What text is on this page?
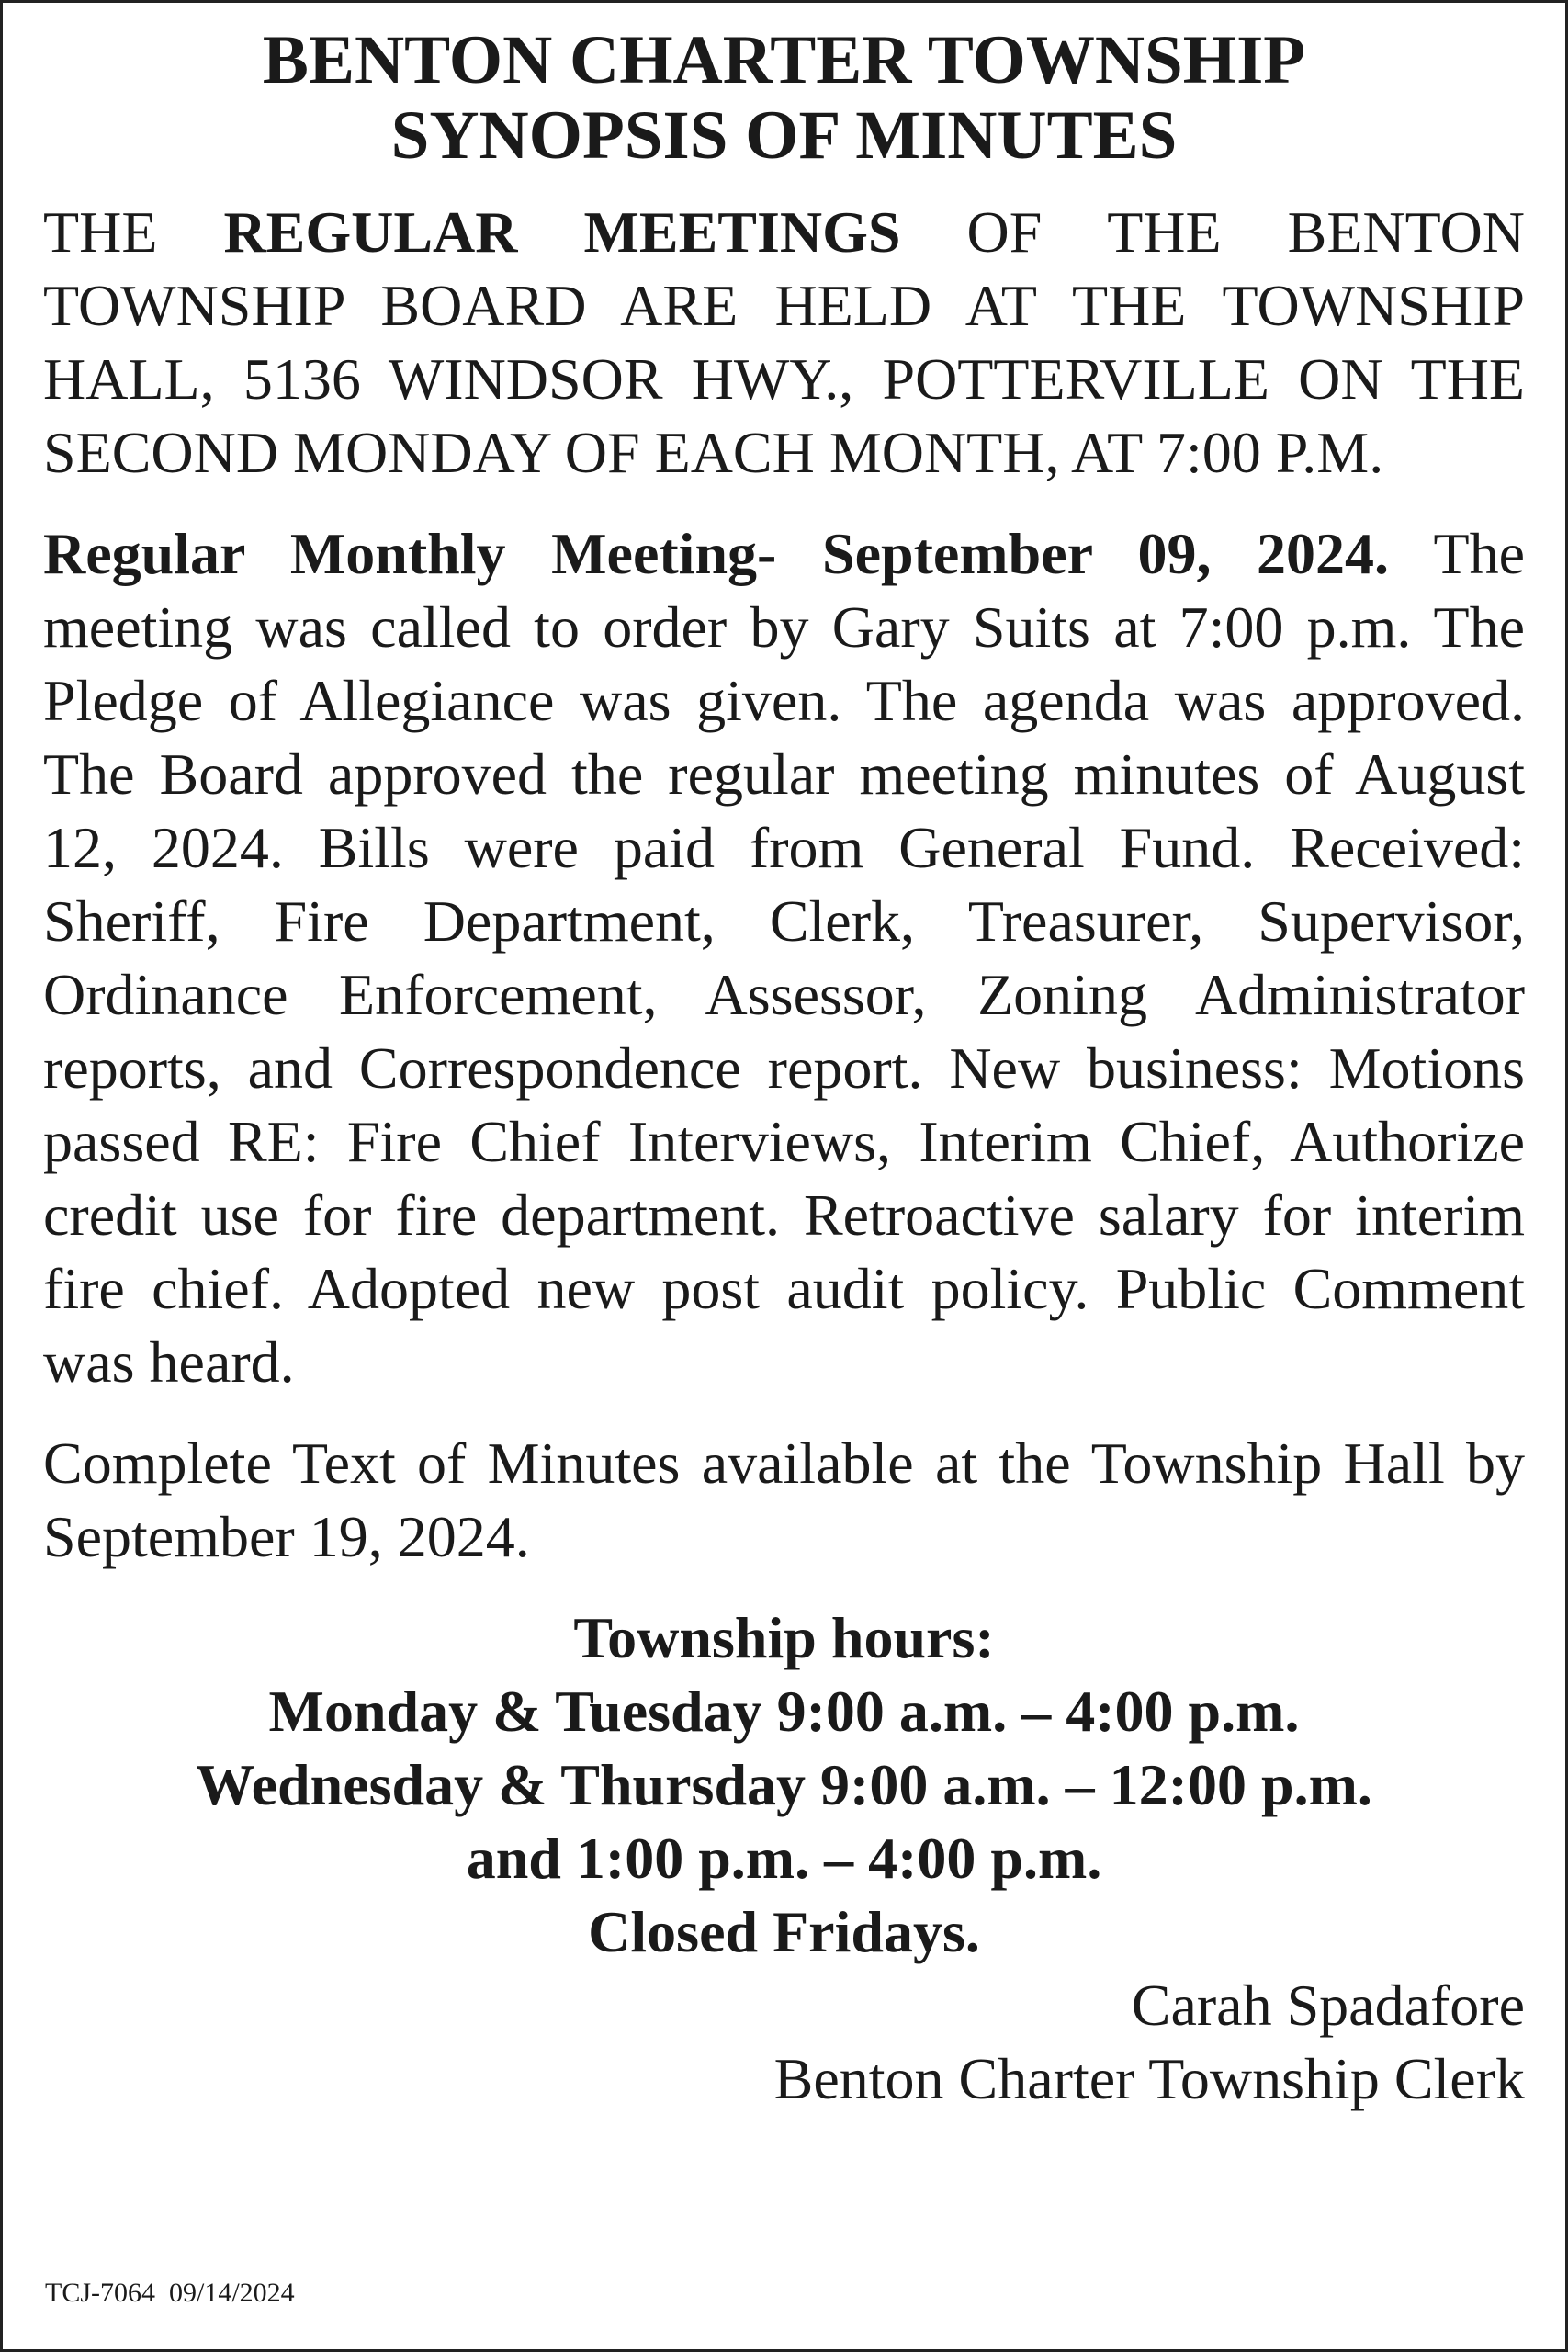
BENTON CHARTER TOWNSHIP
SYNOPSIS OF MINUTES

THE REGULAR MEETINGS OF THE BENTON TOWNSHIP BOARD ARE HELD AT THE TOWNSHIP HALL, 5136 WINDSOR HWY., POTTERVILLE ON THE SECOND MONDAY OF EACH MONTH, AT 7:00 P.M.

Regular Monthly Meeting- September 09, 2024. The meeting was called to order by Gary Suits at 7:00 p.m. The Pledge of Allegiance was given. The agenda was approved. The Board approved the regular meeting minutes of August 12, 2024. Bills were paid from General Fund. Received: Sheriff, Fire Department, Clerk, Treasurer, Supervisor, Ordinance Enforcement, Assessor, Zoning Administrator reports, and Correspondence report. New business: Motions passed RE: Fire Chief Interviews, Interim Chief, Authorize credit use for fire department. Retroactive salary for interim fire chief. Adopted new post audit policy. Public Comment was heard.

Complete Text of Minutes available at the Township Hall by September 19, 2024.

Township hours:
Monday & Tuesday 9:00 a.m. – 4:00 p.m.
Wednesday & Thursday 9:00 a.m. – 12:00 p.m.
and 1:00 p.m. – 4:00 p.m.
Closed Fridays.
Carah Spadafore
Benton Charter Township Clerk
TCJ-7064  09/14/2024
